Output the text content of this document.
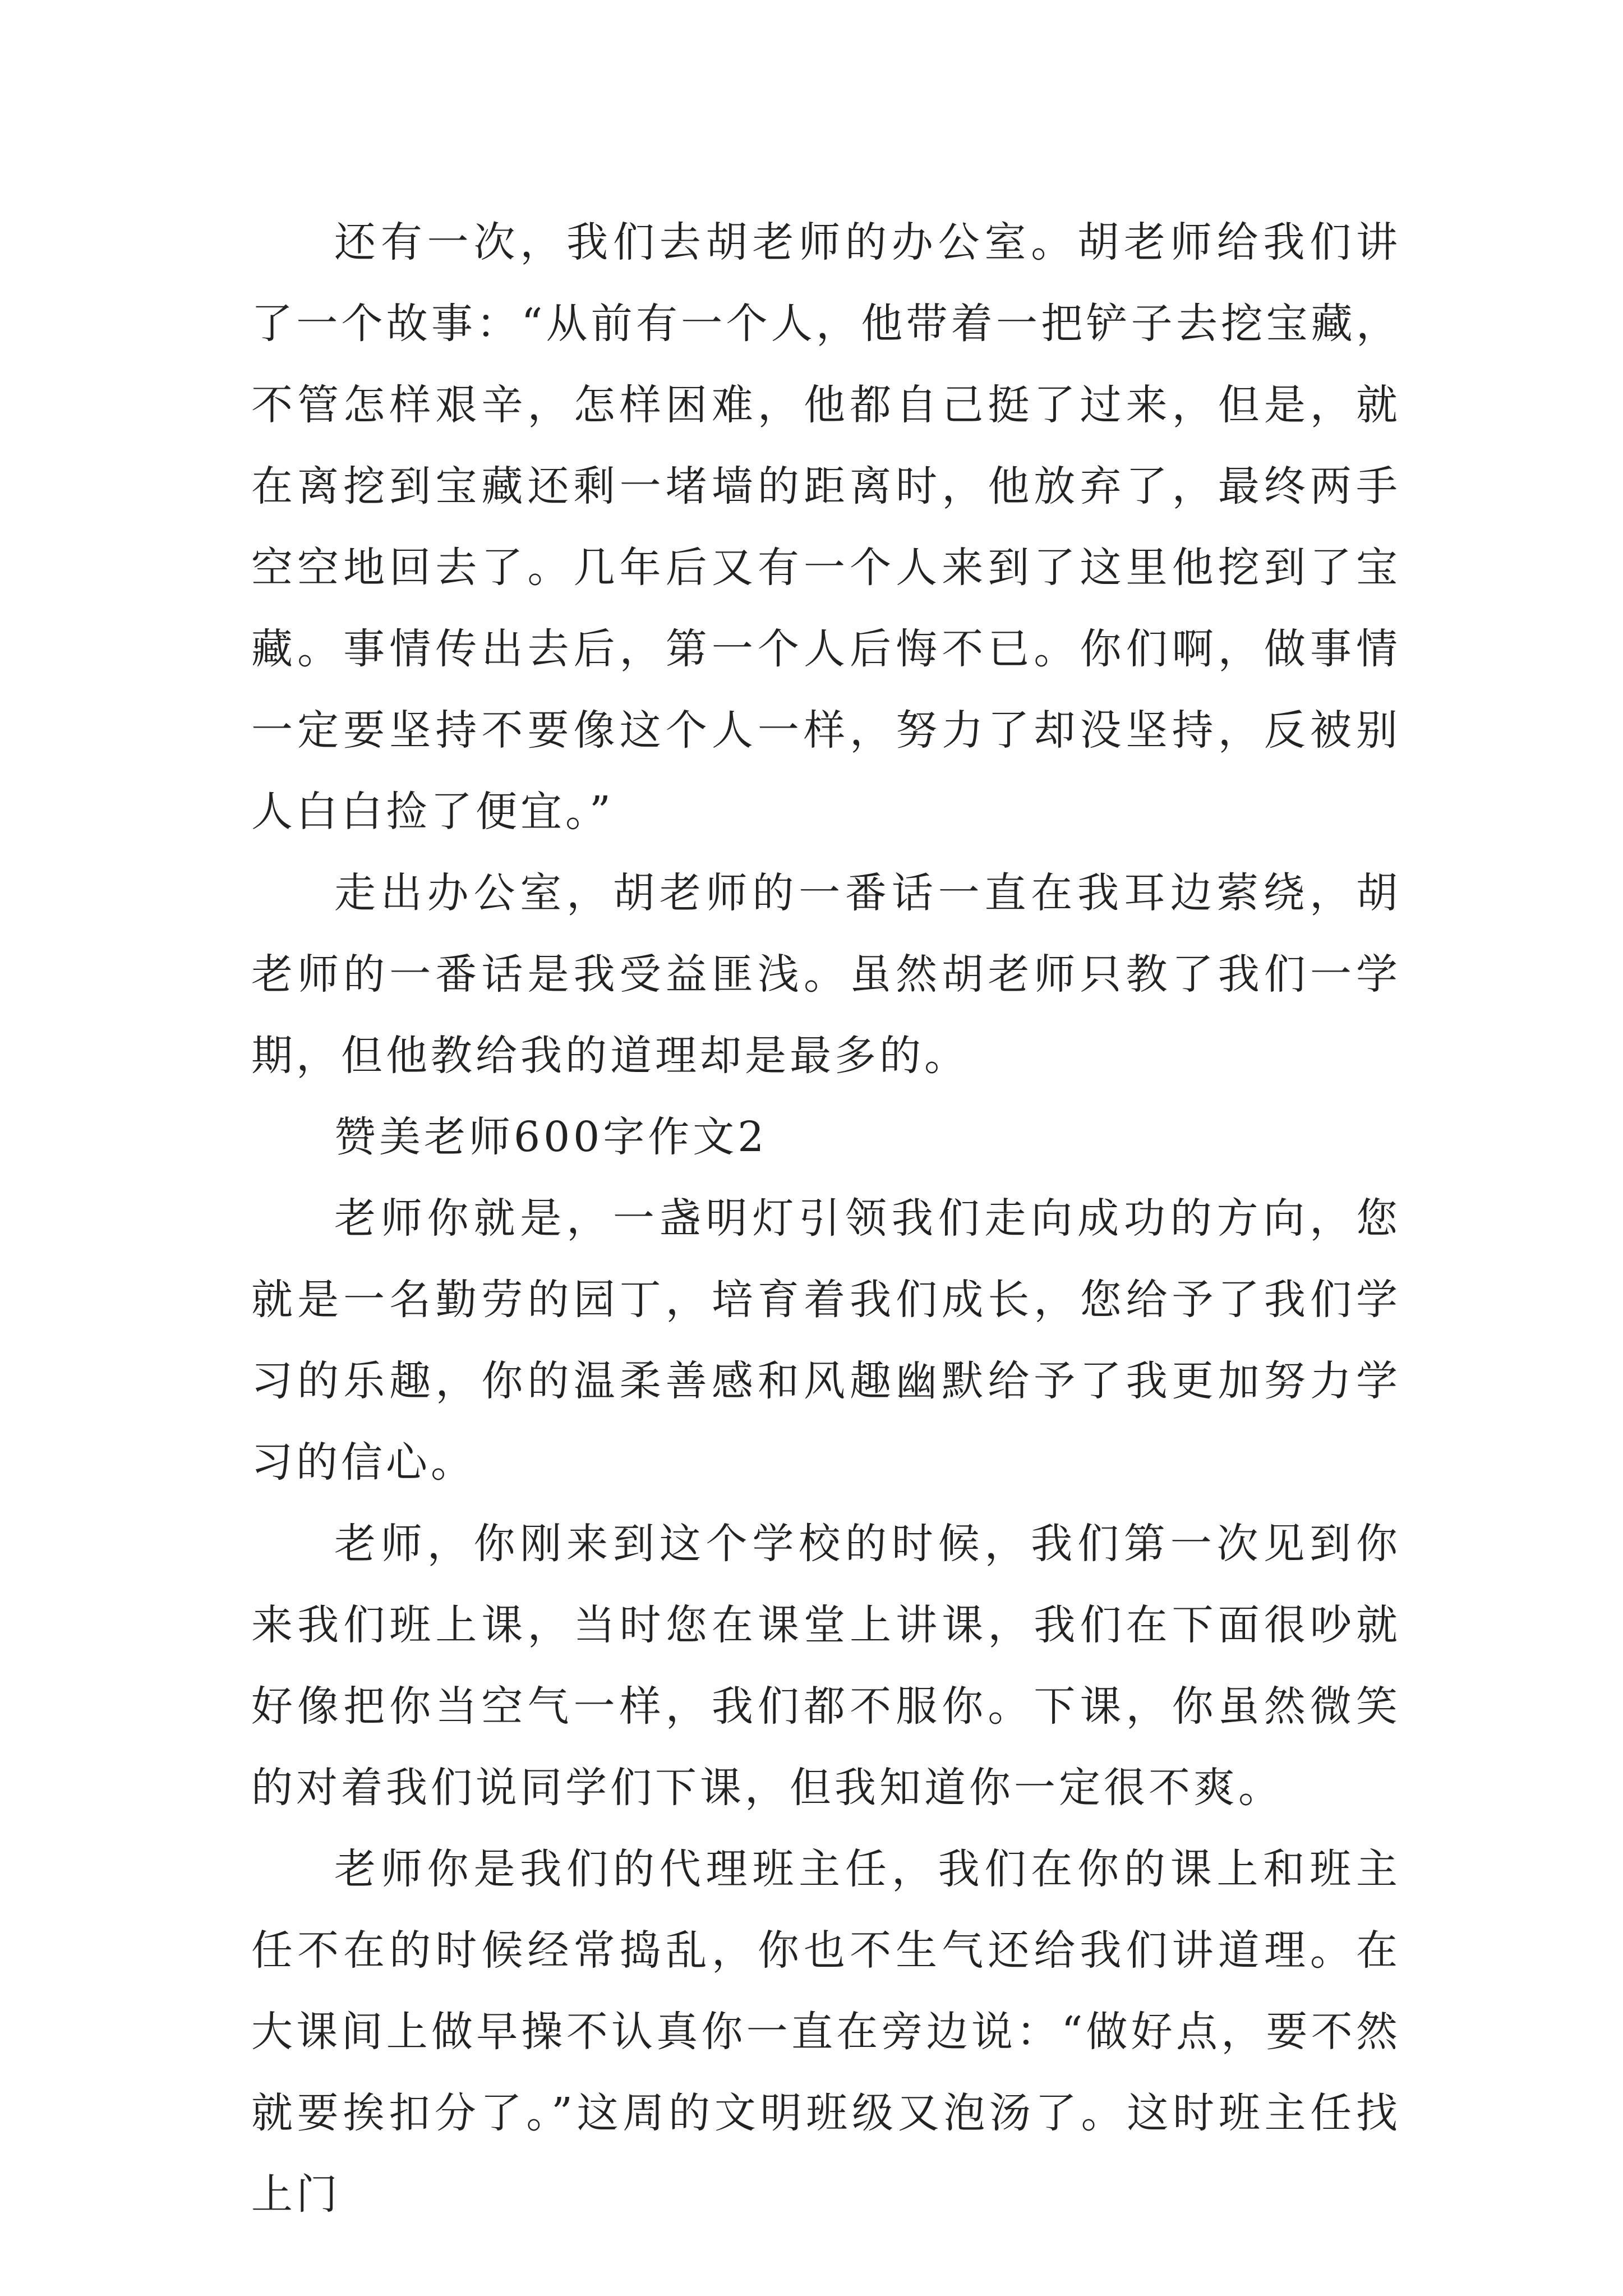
还有一次，我们去胡老师的办公室。胡老师给我们讲了一个故事：“从前有一个人，他带着一把铲子去挖宝藏，不管怎样艰辛，怎样困难，他都自己挺了过来，但是，就在离挖到宝藏还剩一堵墙的距离时，他放弃了，最终两手空空地回去了。几年后又有一个人来到了这里他挖到了宝藏。事情传出去后，第一个人后悔不已。你们啊，做事情一定要坚持不要像这个人一样，努力了却没坚持，反被别人白白捡了便宜。”

走出办公室，胡老师的一番话一直在我耳边萦绕，胡老师的一番话是我受益匪浅。虽然胡老师只教了我们一学期，但他教给我的道理却是最多的。

赞美老师600字作文2

老师你就是，一盏明灯引领我们走向成功的方向，您就是一名勤劳的园丁，培育着我们成长，您给予了我们学习的乐趣，你的温柔善感和风趣幽默给予了我更加努力学习的信心。

老师，你刚来到这个学校的时候，我们第一次见到你来我们班上课，当时您在课堂上讲课，我们在下面很吵就好像把你当空气一样，我们都不服你。下课，你虽然微笑的对着我们说同学们下课，但我知道你一定很不爽。

老师你是我们的代理班主任，我们在你的课上和班主任不在的时候经常捣乱，你也不生气还给我们讲道理。在大课间上做早操不认真你一直在旁边说：“做好点，要不然就要挨扣分了。”这周的文明班级又泡汤了。这时班主任找上门
